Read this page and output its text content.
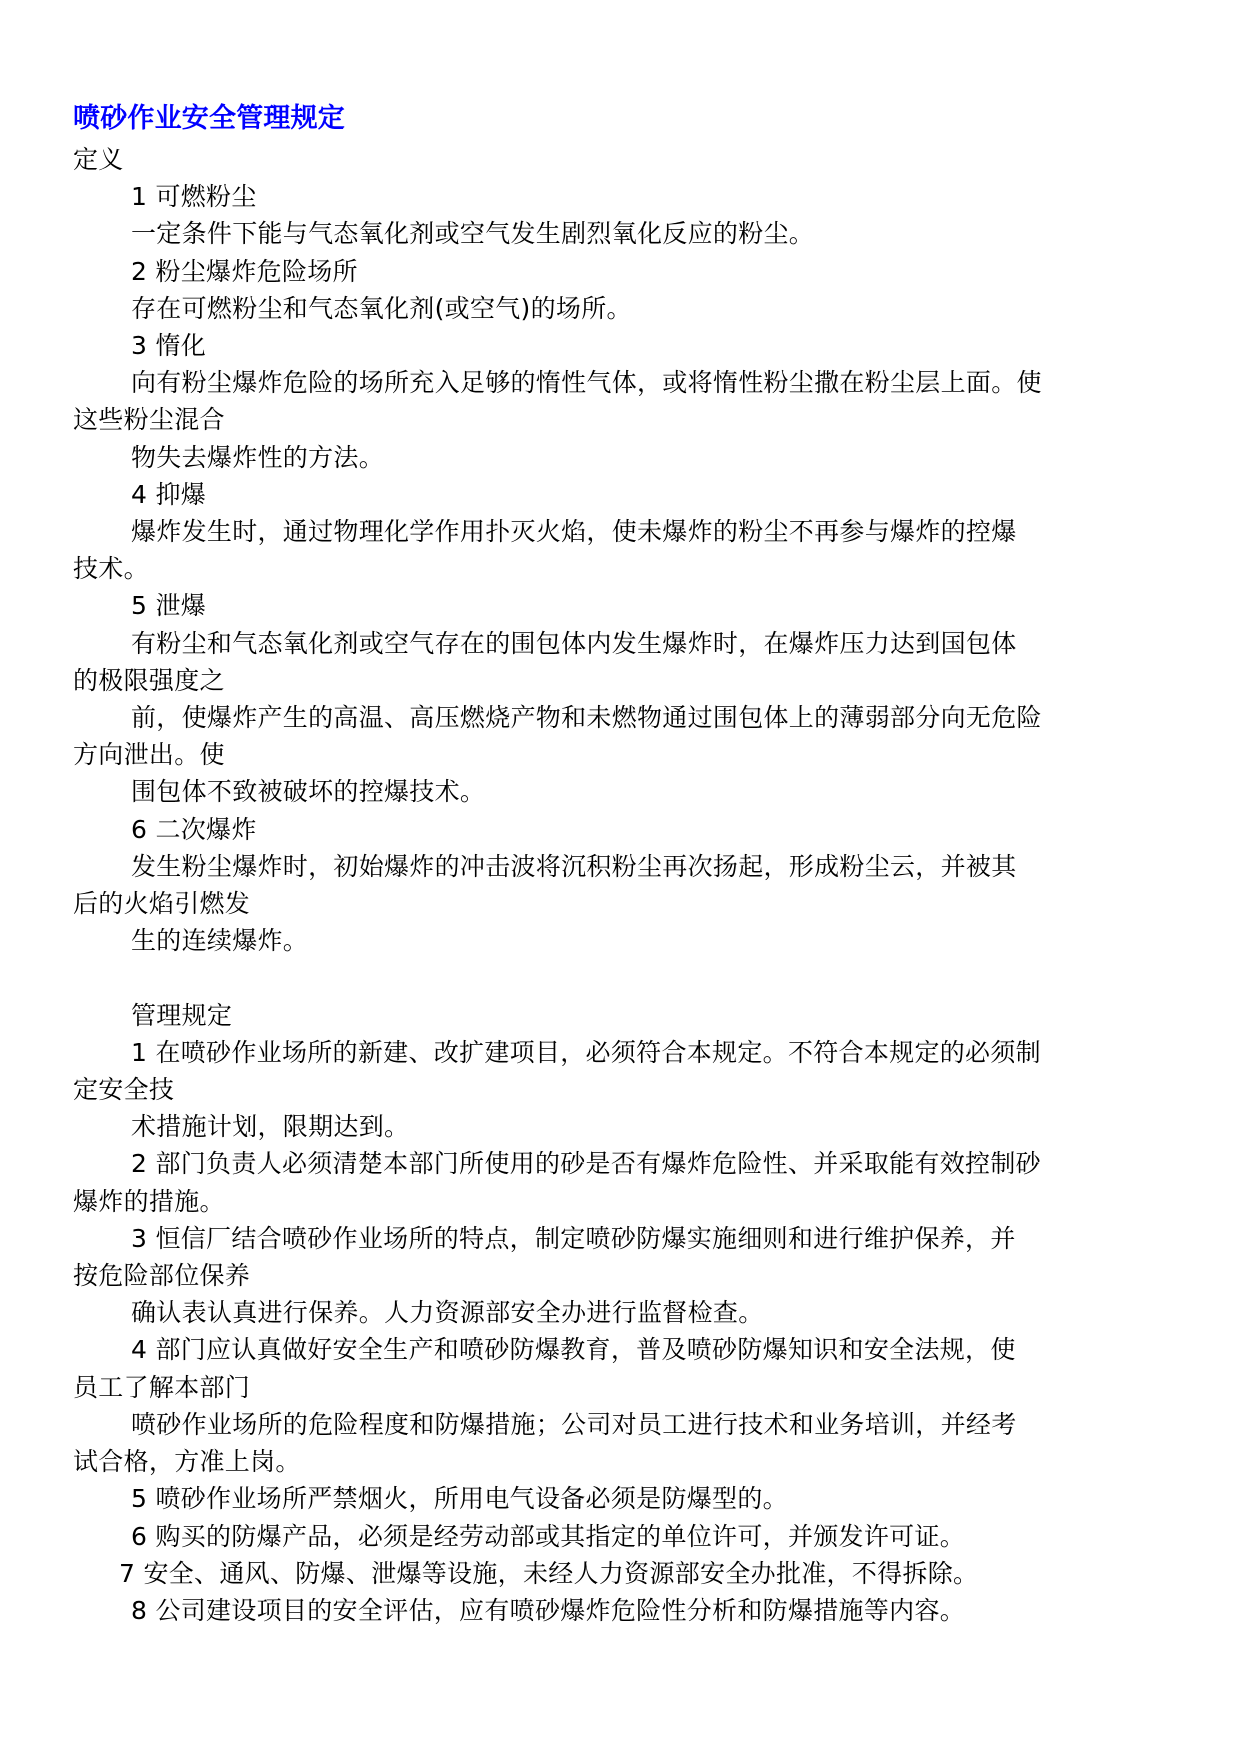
喷砂作业安全管理规定

定义

1 可燃粉尘

一定条件下能与气态氧化剂或空气发生剧烈氧化反应的粉尘。

2 粉尘爆炸危险场所

存在可燃粉尘和气态氧化剂(或空气)的场所。

3 惰化

向有粉尘爆炸危险的场所充入足够的惰性气体，或将惰性粉尘撒在粉尘层上面。使

这些粉尘混合

物失去爆炸性的方法。

4 抑爆

爆炸发生时，通过物理化学作用扑灭火焰，使未爆炸的粉尘不再参与爆炸的控爆

技术。

5 泄爆

有粉尘和气态氧化剂或空气存在的围包体内发生爆炸时，在爆炸压力达到国包体

的极限强度之

前，使爆炸产生的高温、高压燃烧产物和未燃物通过围包体上的薄弱部分向无危险

方向泄出。使

围包体不致被破坏的控爆技术。

6 二次爆炸

发生粉尘爆炸时，初始爆炸的冲击波将沉积粉尘再次扬起，形成粉尘云，并被其

后的火焰引燃发

生的连续爆炸。

管理规定

1 在喷砂作业场所的新建、改扩建项目，必须符合本规定。不符合本规定的必须制

定安全技

术措施计划，限期达到。

2 部门负责人必须清楚本部门所使用的砂是否有爆炸危险性、并采取能有效控制砂

爆炸的措施。

3 恒信厂结合喷砂作业场所的特点，制定喷砂防爆实施细则和进行维护保养，并

按危险部位保养

确认表认真进行保养。人力资源部安全办进行监督检查。

4 部门应认真做好安全生产和喷砂防爆教育，普及喷砂防爆知识和安全法规，使

员工了解本部门

喷砂作业场所的危险程度和防爆措施；公司对员工进行技术和业务培训，并经考

试合格，方准上岗。

5 喷砂作业场所严禁烟火，所用电气设备必须是防爆型的。

6 购买的防爆产品，必须是经劳动部或其指定的单位许可，并颁发许可证。

7 安全、通风、防爆、泄爆等设施，未经人力资源部安全办批准，不得拆除。

8 公司建设项目的安全评估，应有喷砂爆炸危险性分析和防爆措施等内容。
